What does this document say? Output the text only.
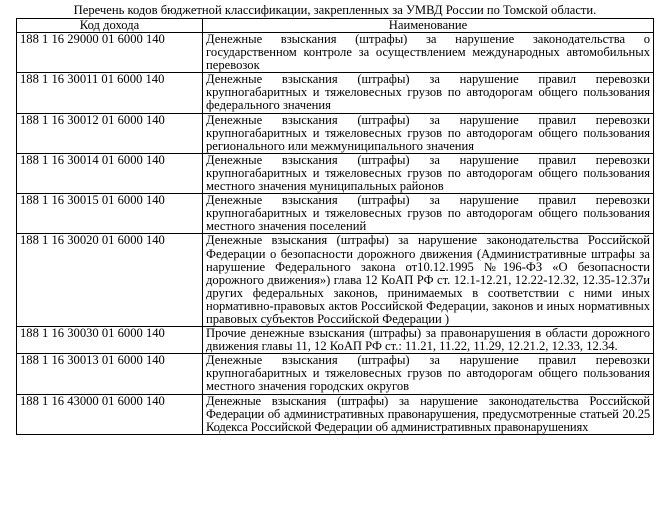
Перечень кодов бюджетной классификации, закрепленных за УМВД России по Томской области.
Код дохода	Наименование
188 1 16 29000 01 6000 140	Денежные взыскания (штрафы) за нарушение законодательства о государственном контроле за осуществлением международных автомобильных перевозок
188 1 16 30011 01 6000 140	Денежные взыскания (штрафы) за нарушение правил перевозки крупногабаритных и тяжеловесных грузов по автодорогам общего пользования федерального значения
188 1 16 30012 01 6000 140	Денежные взыскания (штрафы) за нарушение правил перевозки крупногабаритных и тяжеловесных грузов по автодорогам общего пользования регионального или межмуниципального значения
188 1 16 30014 01 6000 140	Денежные взыскания (штрафы) за нарушение правил перевозки крупногабаритных и тяжеловесных грузов по автодорогам общего пользования местного значения муниципальных районов
188 1 16 30015 01 6000 140	Денежные взыскания (штрафы) за нарушение правил перевозки крупногабаритных и тяжеловесных грузов по автодорогам общего пользования местного значения поселений
188 1 16 30020 01 6000 140	Денежные взыскания (штрафы) за нарушение законодательства Российской Федерации о безопасности дорожного движения (Административные штрафы за нарушение Федерального закона от10.12.1995 №196-ФЗ «О безопасности дорожного движения») глава 12 КоАП РФ ст. 12.1-12.21, 12.22-12.32, 12.35-12.37и других федеральных законов, принимаемых в соответствии с ними иных нормативно-правовых актов Российской Федерации, законов и иных нормативных правовых субъектов Российской Федерации )
188 1 16 30030 01 6000 140	Прочие денежные взыскания (штрафы) за правонарушения в области дорожного движения главы 11, 12 КоАП РФ ст.: 11.21, 11.22, 11.29, 12.21.2, 12.33, 12.34.
188 1 16 30013 01 6000 140	Денежные взыскания (штрафы) за нарушение правил перевозки крупногабаритных и тяжеловесных грузов по автодорогам общего пользования местного значения городских округов
188 1 16 43000 01 6000 140	Денежные взыскания (штрафы) за нарушение законодательства Российской Федерации об административных правонарушения, предусмотренные статьей 20.25 Кодекса Российской Федерации об административных правонарушениях
